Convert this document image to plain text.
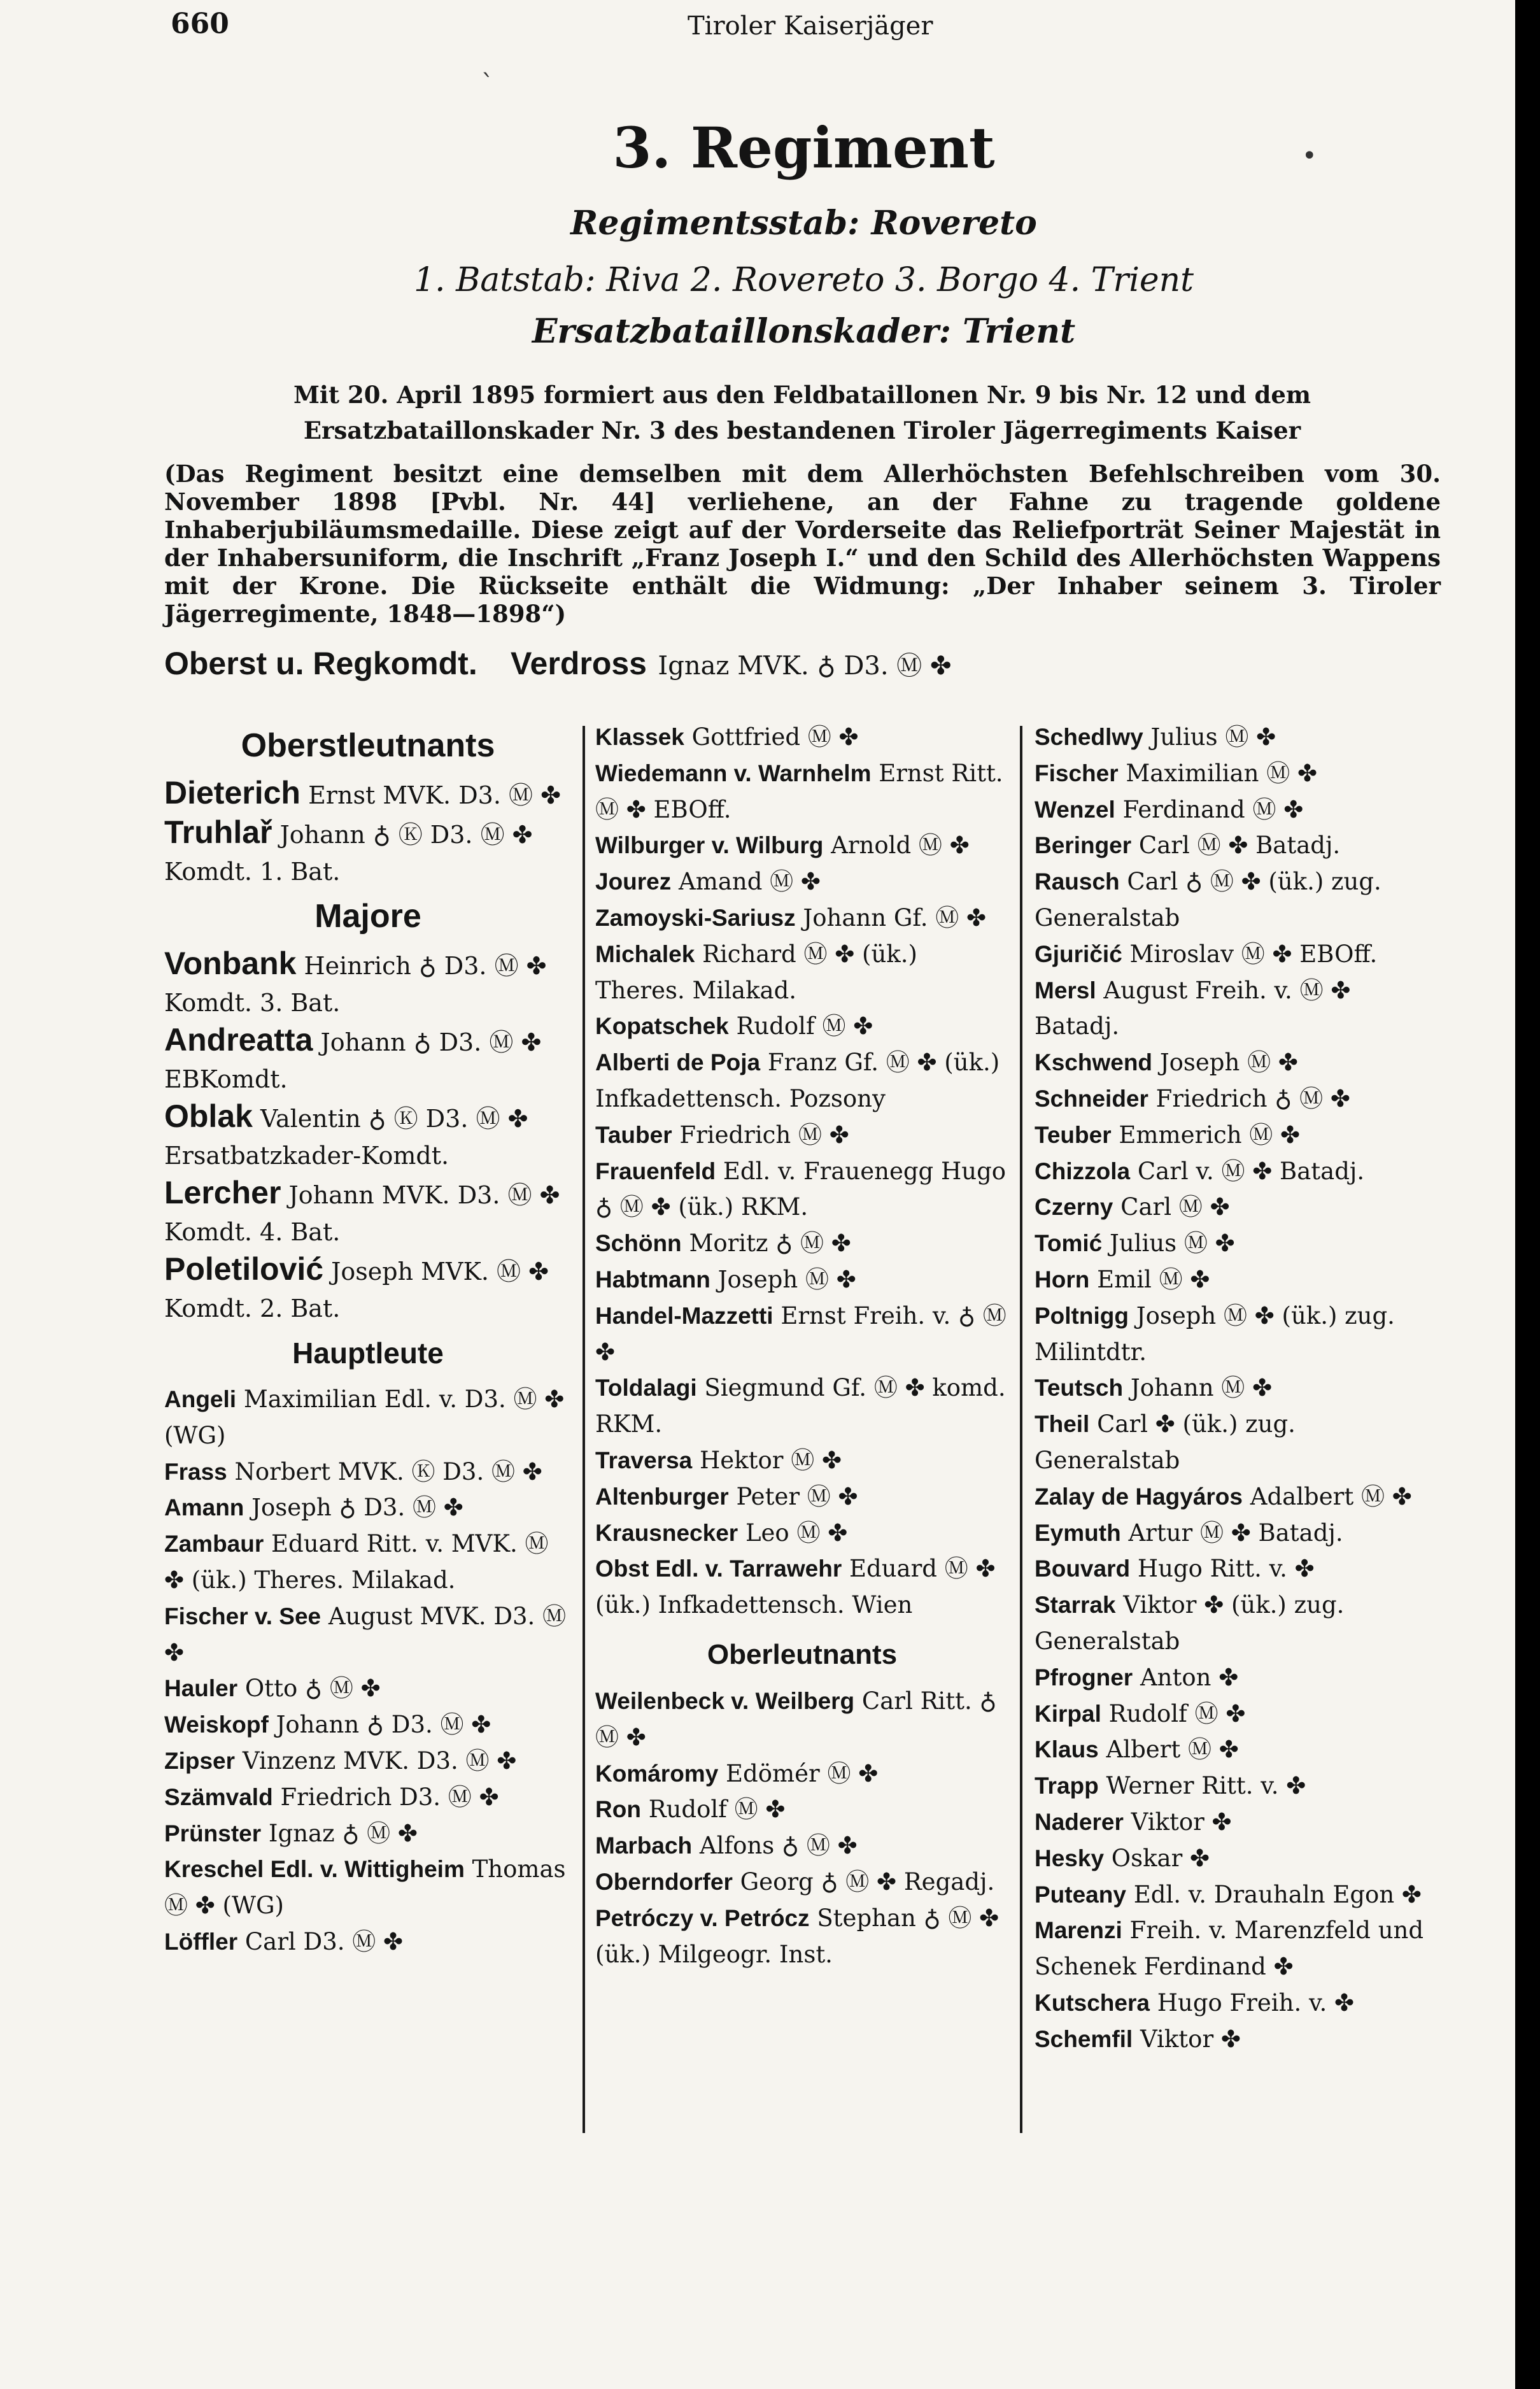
660	Tiroler Kaiserjäger
ˋ
•
3. Regiment
Regimentsstab: Rovereto
1. Batstab: Riva 2. Rovereto 3. Borgo 4. Trient
Ersatzbataillonskader: Trient
Mit 20. April 1895 formiert aus den Feldbataillonen Nr. 9 bis Nr. 12 und dem Ersatzbataillonskader Nr. 3 des bestandenen Tiroler Jägerregiments Kaiser
(Das Regiment besitzt eine demselben mit dem Allerhöchsten Befehlschreiben vom 30. November 1898 [Pvbl. Nr. 44] verliehene, an der Fahne zu tragende goldene Inhaberjubiläumsmedaille. Diese zeigt auf der Vorderseite das Reliefporträt Seiner Majestät in der Inhabersuniform, die Inschrift „Franz Joseph I.“ und den Schild des Allerhöchsten Wappens mit der Krone. Die Rückseite enthält die Widmung: „Der Inhaber seinem 3. Tiroler Jägerregimente, 1848—1898“)
Oberst u. Regkomdt. Verdross Ignaz MVK. ♁ D3. Ⓜ ✤
Oberstleutnants
Dieterich Ernst MVK. D3. Ⓜ ✤
Truhlař Johann ♁ Ⓚ D3. Ⓜ ✤ Komdt. 1. Bat.
Majore
Vonbank Heinrich ♁ D3. Ⓜ ✤ Komdt. 3. Bat.
Andreatta Johann ♁ D3. Ⓜ ✤ EBKomdt.
Oblak Valentin ♁ Ⓚ D3. Ⓜ ✤ Ersatbatzkader-Komdt.
Lercher Johann MVK. D3. Ⓜ ✤ Komdt. 4. Bat.
Poletilović Joseph MVK. Ⓜ ✤ Komdt. 2. Bat.
Hauptleute
Angeli Maximilian Edl. v. D3. Ⓜ ✤ (WG)
Frass Norbert MVK. Ⓚ D3. Ⓜ ✤
Amann Joseph ♁ D3. Ⓜ ✤
Zambaur Eduard Ritt. v. MVK. Ⓜ ✤ (ük.) Theres. Milakad.
Fischer v. See August MVK. D3. Ⓜ ✤
Hauler Otto ♁ Ⓜ ✤
Weiskopf Johann ♁ D3. Ⓜ ✤
Zipser Vinzenz MVK. D3. Ⓜ ✤
Szämvald Friedrich D3. Ⓜ ✤
Prünster Ignaz ♁ Ⓜ ✤
Kreschel Edl. v. Wittigheim Thomas Ⓜ ✤ (WG)
Löffler Carl D3. Ⓜ ✤
Klassek Gottfried Ⓜ ✤
Wiedemann v. Warnhelm Ernst Ritt. Ⓜ ✤ EBOff.
Wilburger v. Wilburg Arnold Ⓜ ✤
Jourez Amand Ⓜ ✤
Zamoyski-Sariusz Johann Gf. Ⓜ ✤
Michalek Richard Ⓜ ✤ (ük.) Theres. Milakad.
Kopatschek Rudolf Ⓜ ✤
Alberti de Poja Franz Gf. Ⓜ ✤ (ük.) Infkadettensch. Pozsony
Tauber Friedrich Ⓜ ✤
Frauenfeld Edl. v. Frauenegg Hugo ♁ Ⓜ ✤ (ük.) RKM.
Schönn Moritz ♁ Ⓜ ✤
Habtmann Joseph Ⓜ ✤
Handel-Mazzetti Ernst Freih. v. ♁ Ⓜ ✤
Toldalagi Siegmund Gf. Ⓜ ✤ komd. RKM.
Traversa Hektor Ⓜ ✤
Altenburger Peter Ⓜ ✤
Krausnecker Leo Ⓜ ✤
Obst Edl. v. Tarrawehr Eduard Ⓜ ✤ (ük.) Infkadettensch. Wien
Oberleutnants
Weilenbeck v. Weilberg Carl Ritt. ♁ Ⓜ ✤
Komáromy Edömér Ⓜ ✤
Ron Rudolf Ⓜ ✤
Marbach Alfons ♁ Ⓜ ✤
Oberndorfer Georg ♁ Ⓜ ✤ Regadj.
Petróczy v. Petrócz Stephan ♁ Ⓜ ✤ (ük.) Milgeogr. Inst.
Schedlwy Julius Ⓜ ✤
Fischer Maximilian Ⓜ ✤
Wenzel Ferdinand Ⓜ ✤
Beringer Carl Ⓜ ✤ Batadj.
Rausch Carl ♁ Ⓜ ✤ (ük.) zug. Generalstab
Gjuričić Miroslav Ⓜ ✤ EBOff.
Mersl August Freih. v. Ⓜ ✤ Batadj.
Kschwend Joseph Ⓜ ✤
Schneider Friedrich ♁ Ⓜ ✤
Teuber Emmerich Ⓜ ✤
Chizzola Carl v. Ⓜ ✤ Batadj.
Czerny Carl Ⓜ ✤
Tomić Julius Ⓜ ✤
Horn Emil Ⓜ ✤
Poltnigg Joseph Ⓜ ✤ (ük.) zug. Milintdtr.
Teutsch Johann Ⓜ ✤
Theil Carl ✤ (ük.) zug. Generalstab
Zalay de Hagyáros Adalbert Ⓜ ✤
Eymuth Artur Ⓜ ✤ Batadj.
Bouvard Hugo Ritt. v. ✤
Starrak Viktor ✤ (ük.) zug. Generalstab
Pfrogner Anton ✤
Kirpal Rudolf Ⓜ ✤
Klaus Albert Ⓜ ✤
Trapp Werner Ritt. v. ✤
Naderer Viktor ✤
Hesky Oskar ✤
Puteany Edl. v. Drauhaln Egon ✤
Marenzi Freih. v. Marenzfeld und Schenek Ferdinand ✤
Kutschera Hugo Freih. v. ✤
Schemfil Viktor ✤
